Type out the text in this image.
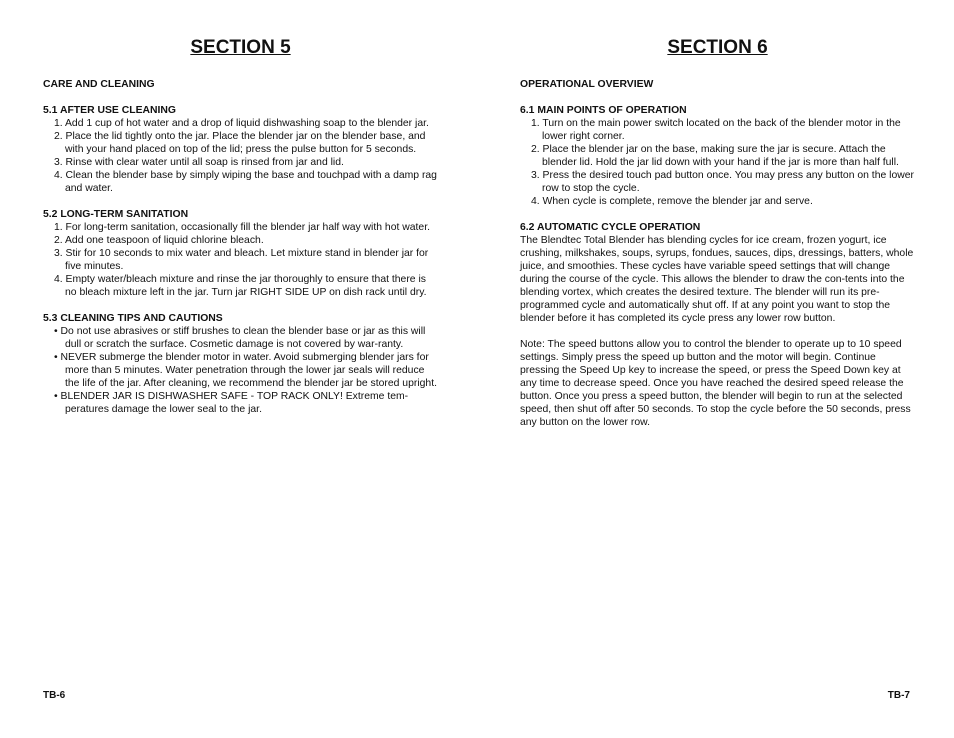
SECTION 5
CARE AND CLEANING
5.1 AFTER USE CLEANING
1. Add 1 cup of hot water and a drop of liquid dishwashing soap to the blender jar.
2. Place the lid tightly onto the jar. Place the blender jar on the blender base, and with your hand placed on top of the lid; press the pulse button for 5 seconds.
3. Rinse with clear water until all soap is rinsed from jar and lid.
4. Clean the blender base by simply wiping the base and touchpad with a damp rag and water.
5.2 LONG-TERM SANITATION
1. For long-term sanitation, occasionally fill the blender jar half way with hot water.
2. Add one teaspoon of liquid chlorine bleach.
3. Stir for 10 seconds to mix water and bleach. Let mixture stand in blender jar for five minutes.
4. Empty water/bleach mixture and rinse the jar thoroughly to ensure that there is no bleach mixture left in the jar. Turn jar RIGHT SIDE UP on dish rack until dry.
5.3 CLEANING TIPS AND CAUTIONS
• Do not use abrasives or stiff brushes to clean the blender base or jar as this will dull or scratch the surface. Cosmetic damage is not covered by war-ranty.
• NEVER submerge the blender motor in water. Avoid submerging blender jars for more than 5 minutes. Water penetration through the lower jar seals will reduce the life of the jar. After cleaning, we recommend the blender jar be stored upright.
• BLENDER JAR IS DISHWASHER SAFE - TOP RACK ONLY! Extreme tem-peratures damage the lower seal to the jar.
SECTION 6
OPERATIONAL OVERVIEW
6.1 MAIN POINTS OF OPERATION
1. Turn on the main power switch located on the back of the blender motor in the lower right corner.
2. Place the blender jar on the base, making sure the jar is secure. Attach the blender lid. Hold the jar lid down with your hand if the jar is more than half full.
3. Press the desired touch pad button once. You may press any button on the lower row to stop the cycle.
4. When cycle is complete, remove the blender jar and serve.
6.2 AUTOMATIC CYCLE OPERATION

The Blendtec Total Blender has blending cycles for ice cream, frozen yogurt, ice crushing, milkshakes, soups, syrups, fondues, sauces, dips, dressings, batters, whole juice, and smoothies. These cycles have variable speed settings that will change during the course of the cycle. This allows the blender to draw the con-tents into the blending vortex, which creates the desired texture. The blender will run its pre-programmed cycle and automatically shut off. If at any point you want to stop the blender before it has completed its cycle press any lower row button.

Note: The speed buttons allow you to control the blender to operate up to 10 speed settings. Simply press the speed up button and the motor will begin. Continue pressing the Speed Up key to increase the speed, or press the Speed Down key at any time to decrease speed. Once you have reached the desired speed release the button. Once you press a speed button, the blender will begin to run at the selected speed, then shut off after 50 seconds. To stop the cycle before the 50 seconds, press any button on the lower row.

TB-6	TB-7
